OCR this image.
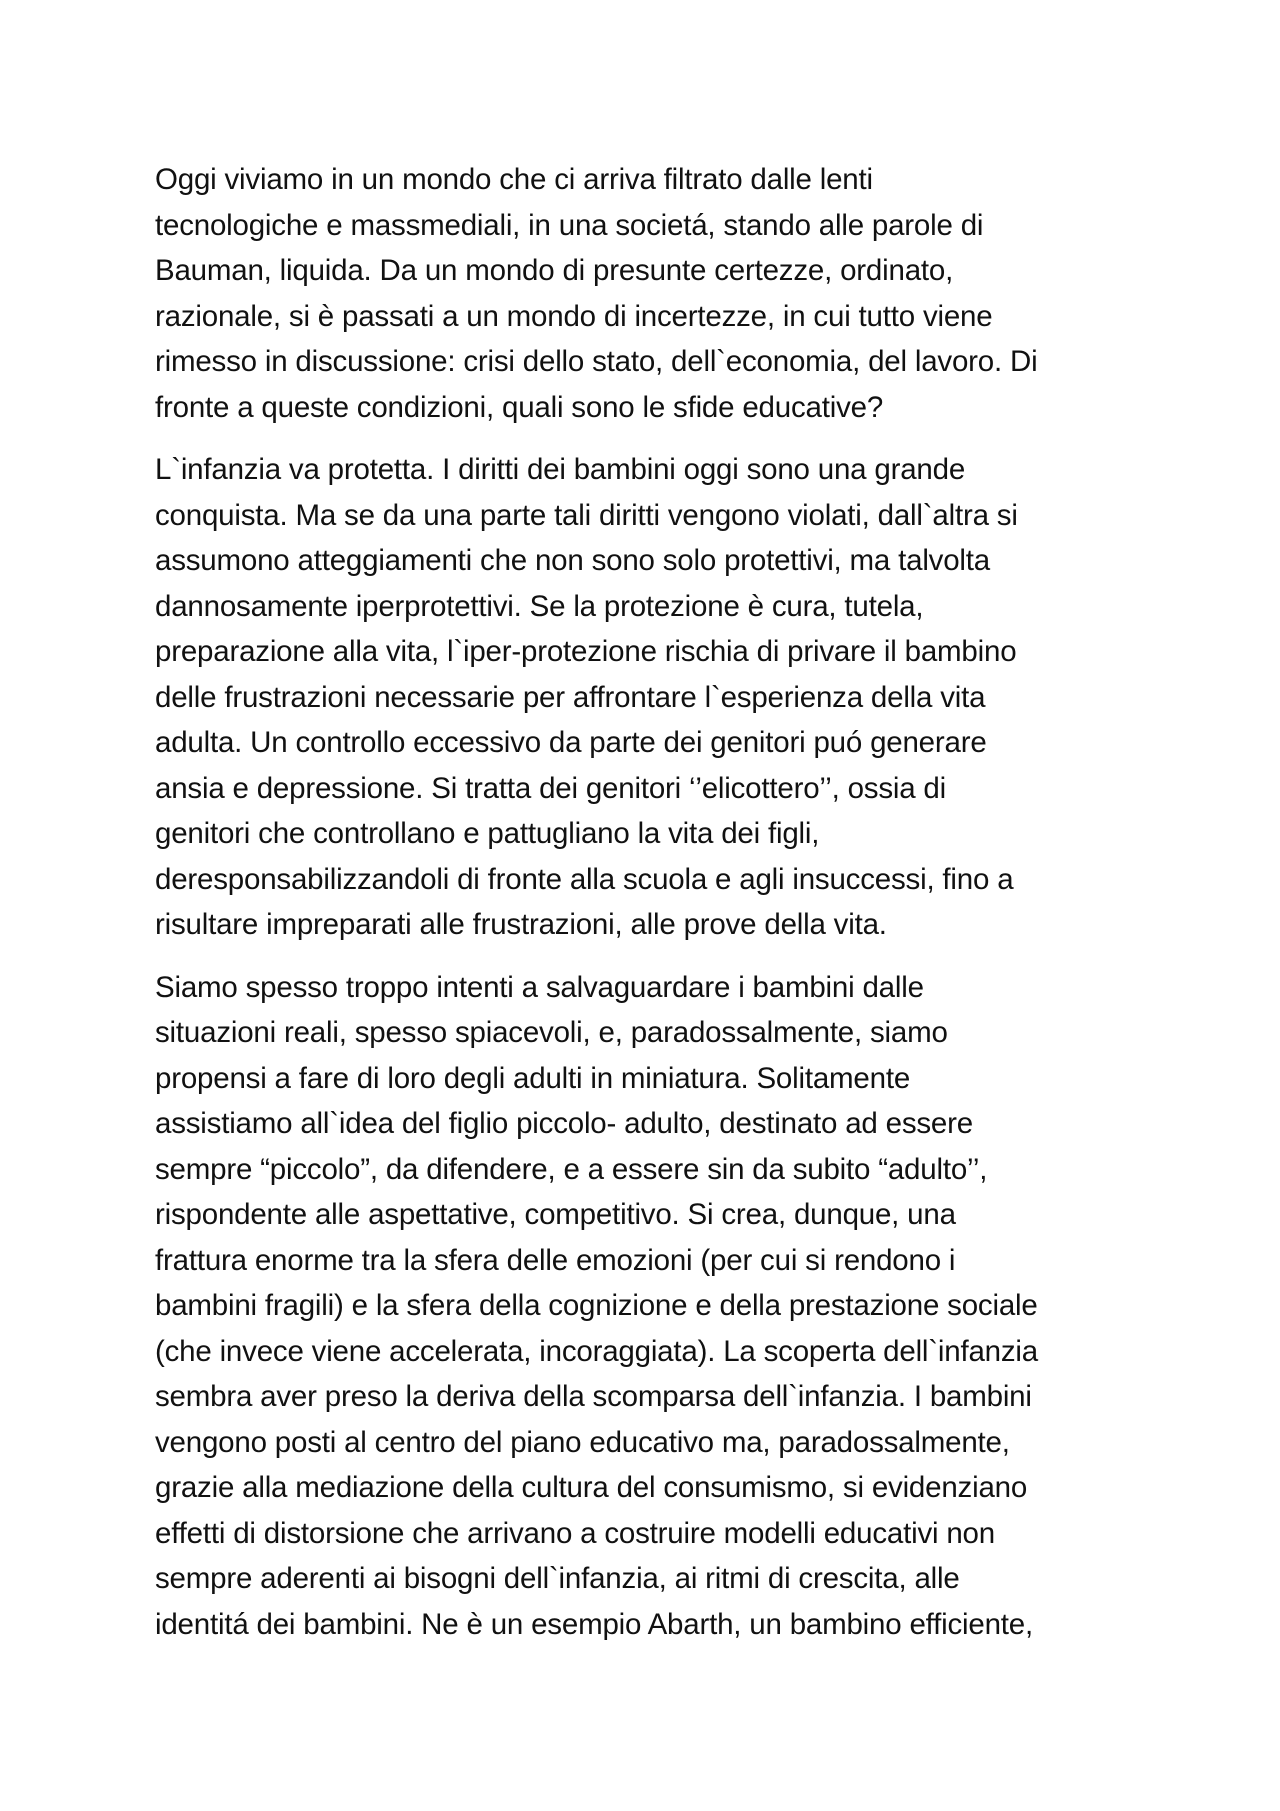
Oggi viviamo in un mondo che ci arriva filtrato dalle lenti
tecnologiche e massmediali, in una societá, stando alle parole di
Bauman, liquida. Da un mondo di presunte certezze, ordinato,
razionale, si è passati a un mondo di incertezze, in cui tutto viene
rimesso in discussione: crisi dello stato, dell`economia, del lavoro. Di
fronte a queste condizioni, quali sono le sfide educative?

L`infanzia va protetta. I diritti dei bambini oggi sono una grande
conquista. Ma se da una parte tali diritti vengono violati, dall`altra si
assumono atteggiamenti che non sono solo protettivi, ma talvolta
dannosamente iperprotettivi. Se la protezione è cura, tutela,
preparazione alla vita, l`iper-protezione rischia di privare il bambino
delle frustrazioni necessarie per affrontare l`esperienza della vita
adulta. Un controllo eccessivo da parte dei genitori puó generare
ansia e depressione. Si tratta dei genitori ‘’elicottero’’, ossia di
genitori che controllano e pattugliano la vita dei figli,
deresponsabilizzandoli di fronte alla scuola e agli insuccessi, fino a
risultare impreparati alle frustrazioni, alle prove della vita.

Siamo spesso troppo intenti a salvaguardare i bambini dalle
situazioni reali, spesso spiacevoli, e, paradossalmente, siamo
propensi a fare di loro degli adulti in miniatura. Solitamente
assistiamo all`idea del figlio piccolo- adulto, destinato ad essere
sempre “piccolo”, da difendere, e a essere sin da subito “adulto’’,
rispondente alle aspettative, competitivo. Si crea, dunque, una
frattura enorme tra la sfera delle emozioni (per cui si rendono i
bambini fragili) e la sfera della cognizione e della prestazione sociale
(che invece viene accelerata, incoraggiata). La scoperta dell`infanzia
sembra aver preso la deriva della scomparsa dell`infanzia. I bambini
vengono posti al centro del piano educativo ma, paradossalmente,
grazie alla mediazione della cultura del consumismo, si evidenziano
effetti di distorsione che arrivano a costruire modelli educativi non
sempre aderenti ai bisogni dell`infanzia, ai ritmi di crescita, alle
identitá dei bambini. Ne è un esempio Abarth, un bambino efficiente,
